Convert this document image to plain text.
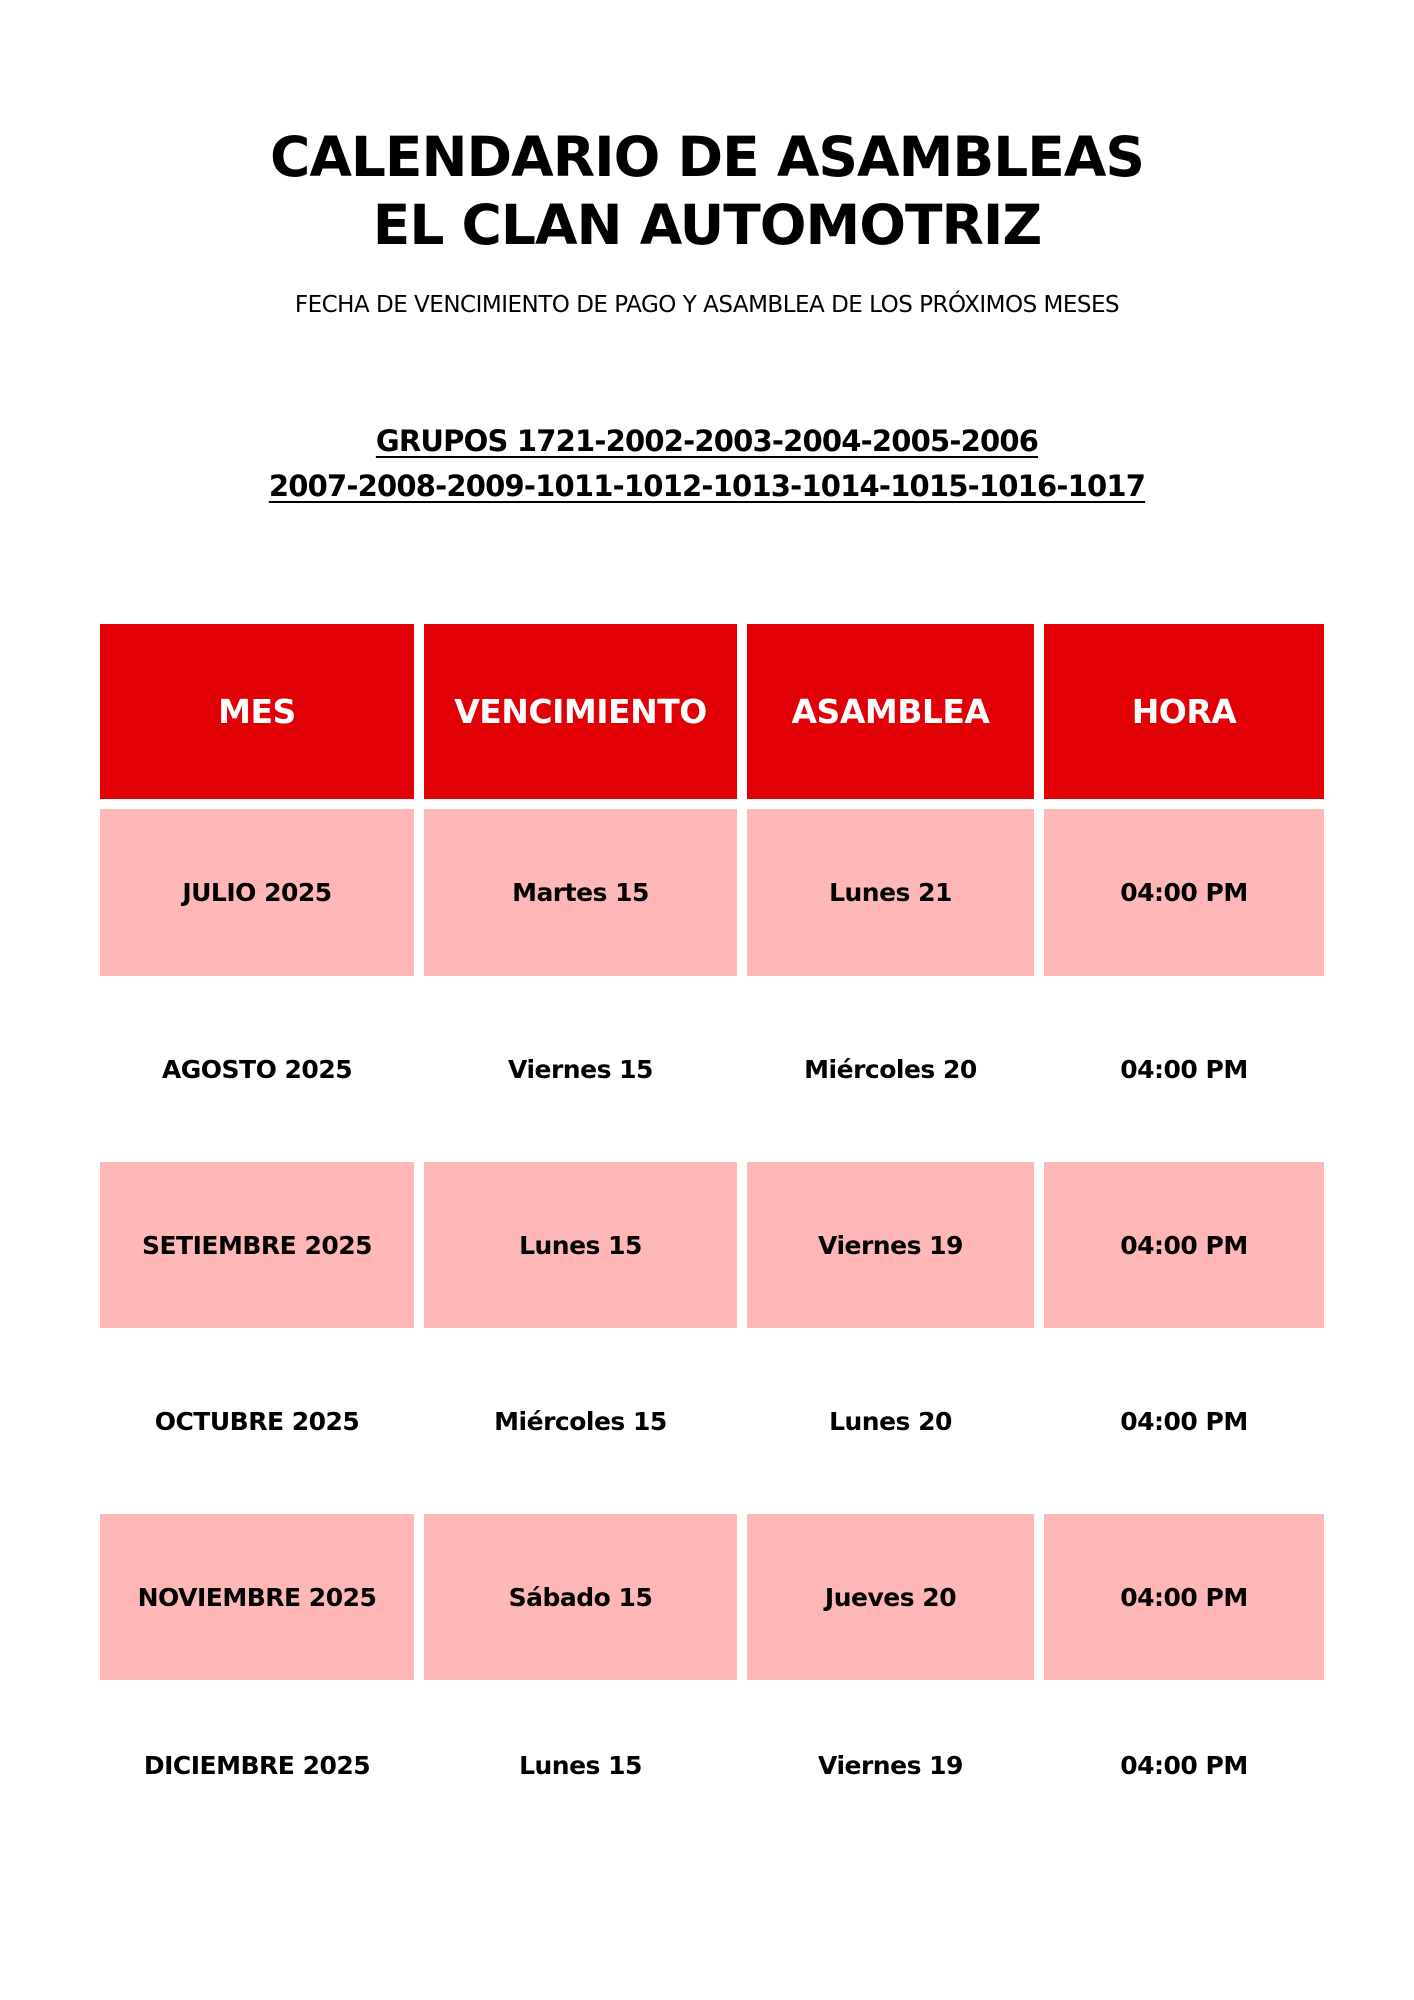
CALENDARIO DE ASAMBLEAS
EL CLAN AUTOMOTRIZ
FECHA DE VENCIMIENTO DE PAGO Y ASAMBLEA DE LOS PRÓXIMOS MESES
GRUPOS 1721-2002-2003-2004-2005-2006
2007-2008-2009-1011-1012-1013-1014-1015-1016-1017
MES	VENCIMIENTO	ASAMBLEA	HORA
JULIO 2025	Martes 15	Lunes 21	04:00 PM
AGOSTO 2025	Viernes 15	Miércoles 20	04:00 PM
SETIEMBRE 2025	Lunes 15	Viernes 19	04:00 PM
OCTUBRE 2025	Miércoles 15	Lunes 20	04:00 PM
NOVIEMBRE 2025	Sábado 15	Jueves 20	04:00 PM
DICIEMBRE 2025	Lunes 15	Viernes 19	04:00 PM
